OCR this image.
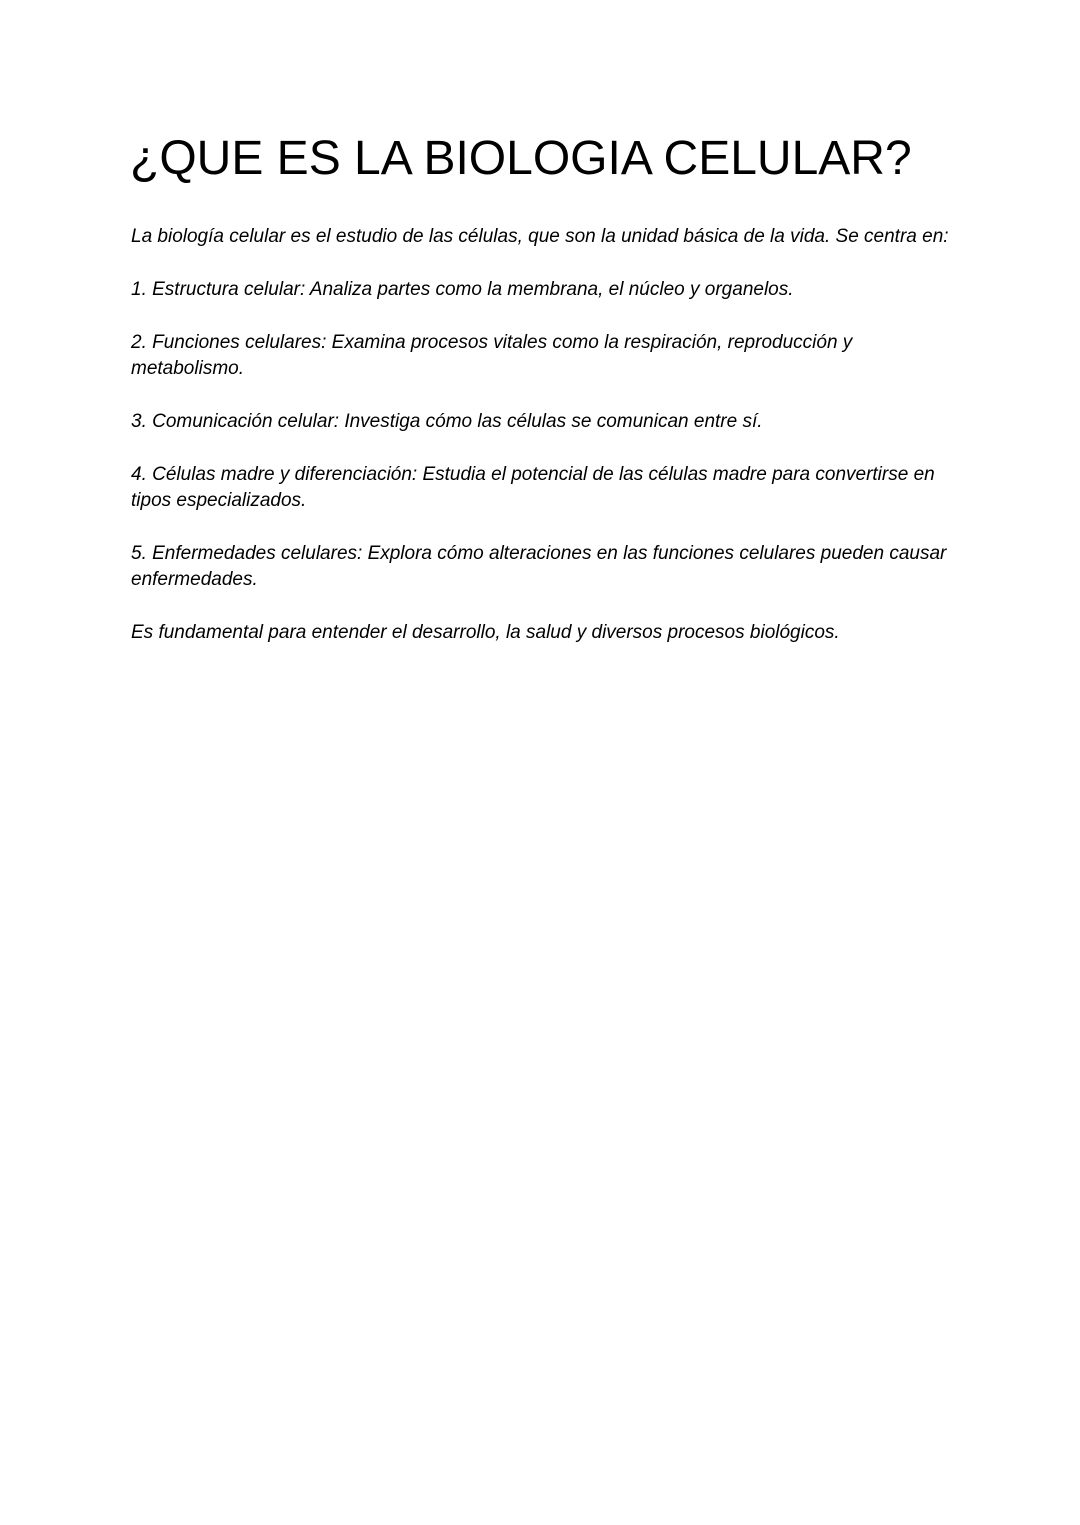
¿QUE ES LA BIOLOGIA CELULAR?

La biología celular es el estudio de las células, que son la unidad básica de la vida. Se centra en:

1. Estructura celular: Analiza partes como la membrana, el núcleo y organelos.

2. Funciones celulares: Examina procesos vitales como la respiración, reproducción y metabolismo.

3. Comunicación celular: Investiga cómo las células se comunican entre sí.

4. Células madre y diferenciación: Estudia el potencial de las células madre para convertirse en tipos especializados.

5. Enfermedades celulares: Explora cómo alteraciones en las funciones celulares pueden causar enfermedades.

Es fundamental para entender el desarrollo, la salud y diversos procesos biológicos.
